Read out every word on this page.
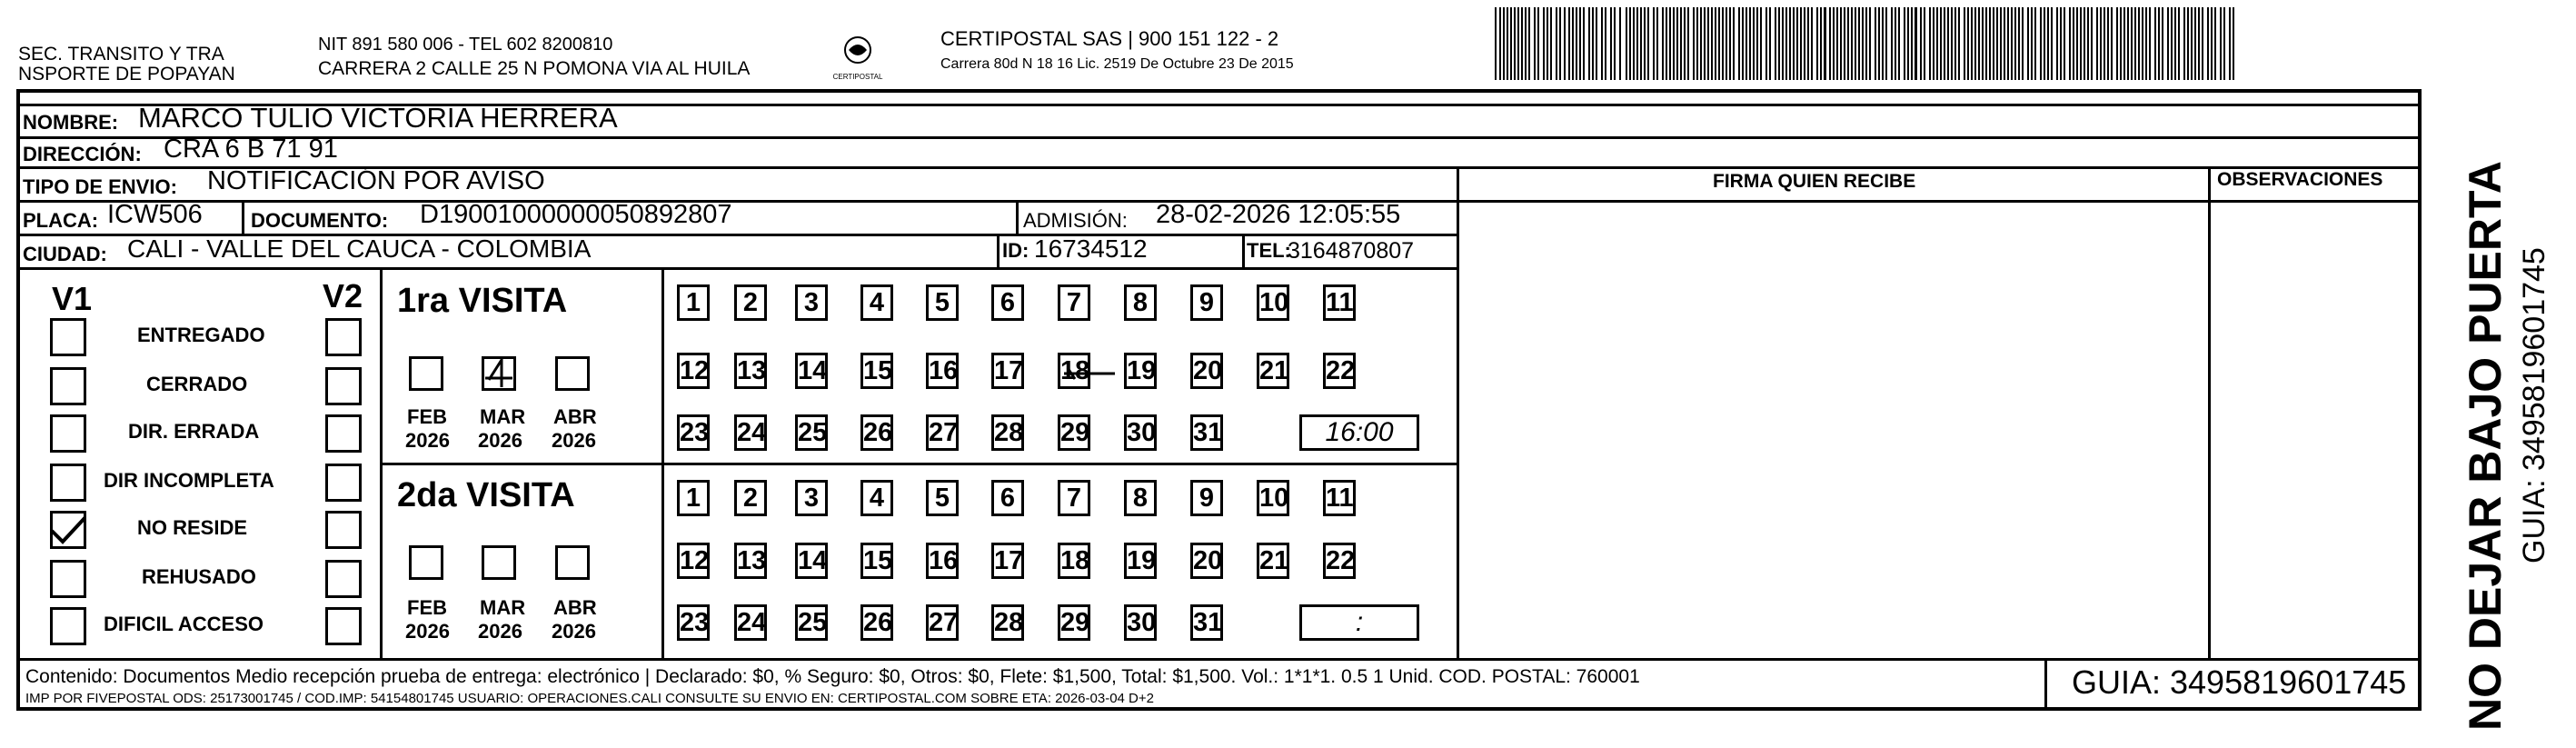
SEC. TRANSITO Y TRA
NSPORTE DE POPAYAN
NIT 891 580 006 - TEL 602 8200810
CARRERA 2 CALLE 25 N POMONA VIA AL HUILA	CERTIPOSTAL
CERTIPOSTAL SAS | 900 151 122 - 2
Carrera 80d N 18 16 Lic. 2519 De Octubre 23 De 2015
NOMBRE: MARCO TULIO VICTORIA HERRERA
DIRECCIÓN: CRA 6 B 71 91
TIPO DE ENVIO: NOTIFICACIÓN POR AVISO	FIRMA QUIEN RECIBE	OBSERVACIONES
PLACA: ICW506 DOCUMENTO: D19001000000050892807	ADMISIÓN: 28-02-2026 12:05:55
CIUDAD: CALI - VALLE DEL CAUCA - COLOMBIA	ID: 16734512	TEL:
3164870807
V1	V2
ENTREGADO
CERRADO
DIR. ERRADA
DIR INCOMPLETA
NO RESIDE
REHUSADO
DIFICIL ACCESO
1ra VISITA
FEB
2026
MAR
2026
ABR
2026
1	2	3	4	5	6	7	8	9	10 11
12 13 14 15 16 17 18 19 20 21 22
23 24 25 26 27 28 29 30 31	16:00
2da VISITA
FEB
2026
MAR
2026
ABR
2026
1	2	3	4	5	6	7	8	9	10 11
12 13 14 15 16 17 18 19 20 21 22
23 24 25 26 27 28 29 30 31	:
Contenido: Documentos Medio recepción prueba de entrega: electrónico | Declarado: $0, % Seguro: $0, Otros: $0, Flete: $1,500, Total: $1,500. Vol.: 1*1*1. 0.5 1 Unid. COD. POSTAL: 760001
IMP POR FIVEPOSTAL ODS: 25173001745 / COD.IMP: 54154801745 USUARIO: OPERACIONES.CALI CONSULTE SU ENVIO EN: CERTIPOSTAL.COM SOBRE ETA: 2026-03-04 D+2	GUIA: 3495819601745 NO DEJAR BAJO PUERTA GUIA: 3495819601745
